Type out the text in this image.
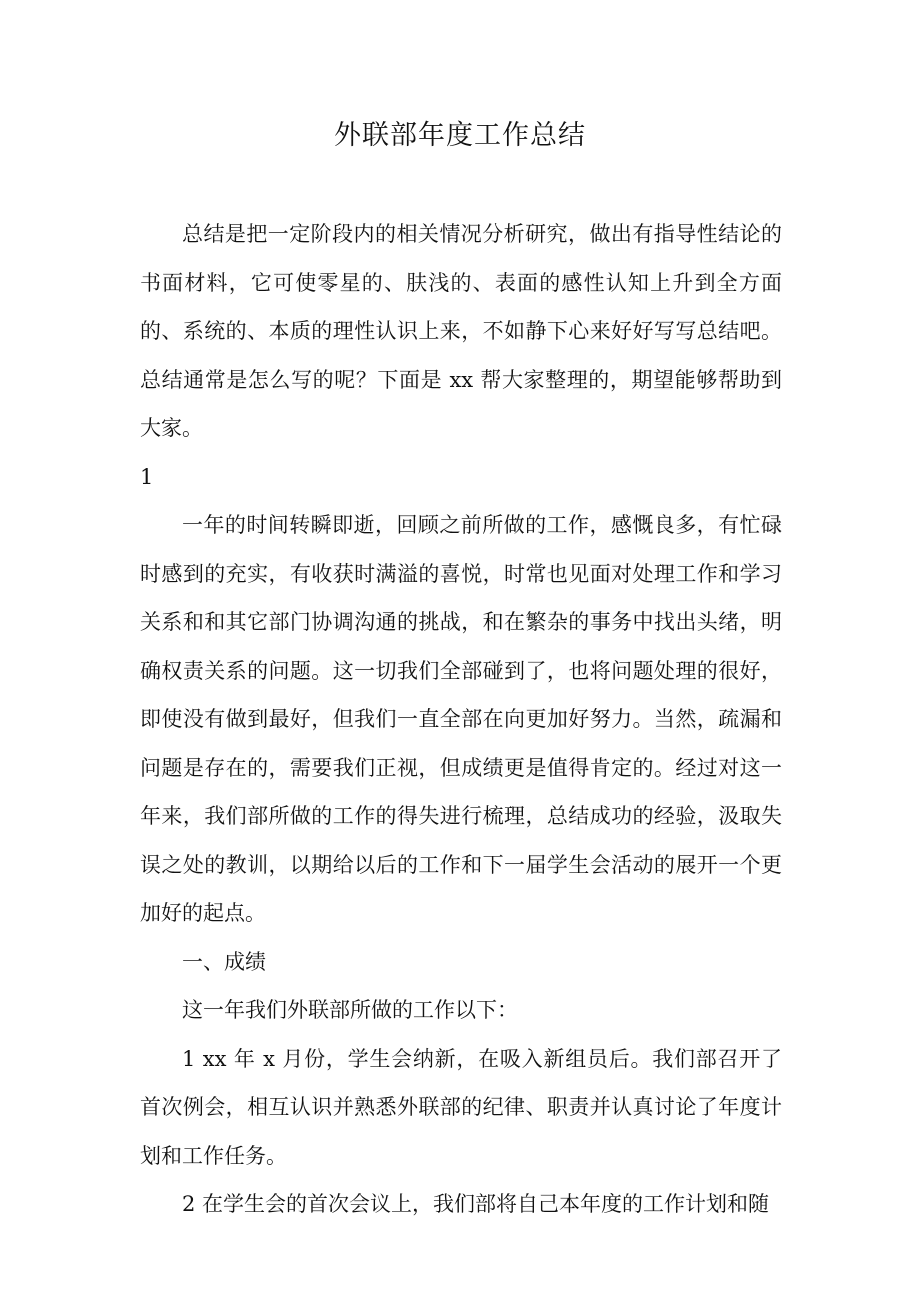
外联部年度工作总结

总结是把一定阶段内的相关情况分析研究，做出有指导性结论的书面材料，它可使零星的、肤浅的、表面的感性认知上升到全方面的、系统的、本质的理性认识上来，不如静下心来好好写写总结吧。总结通常是怎么写的呢？下面是 xx 帮大家整理的，期望能够帮助到大家。

1

一年的时间转瞬即逝，回顾之前所做的工作，感慨良多，有忙碌时感到的充实，有收获时满溢的喜悦，时常也见面对处理工作和学习关系和和其它部门协调沟通的挑战，和在繁杂的事务中找出头绪，明确权责关系的问题。这一切我们全部碰到了，也将问题处理的很好，即使没有做到最好，但我们一直全部在向更加好努力。当然，疏漏和问题是存在的，需要我们正视，但成绩更是值得肯定的。经过对这一年来，我们部所做的工作的得失进行梳理，总结成功的经验，汲取失误之处的教训，以期给以后的工作和下一届学生会活动的展开一个更加好的起点。

一、成绩

这一年我们外联部所做的工作以下：

1 xx 年 x 月份，学生会纳新，在吸入新组员后。我们部召开了首次例会，相互认识并熟悉外联部的纪律、职责并认真讨论了年度计划和工作任务。

2 在学生会的首次会议上，我们部将自己本年度的工作计划和随
